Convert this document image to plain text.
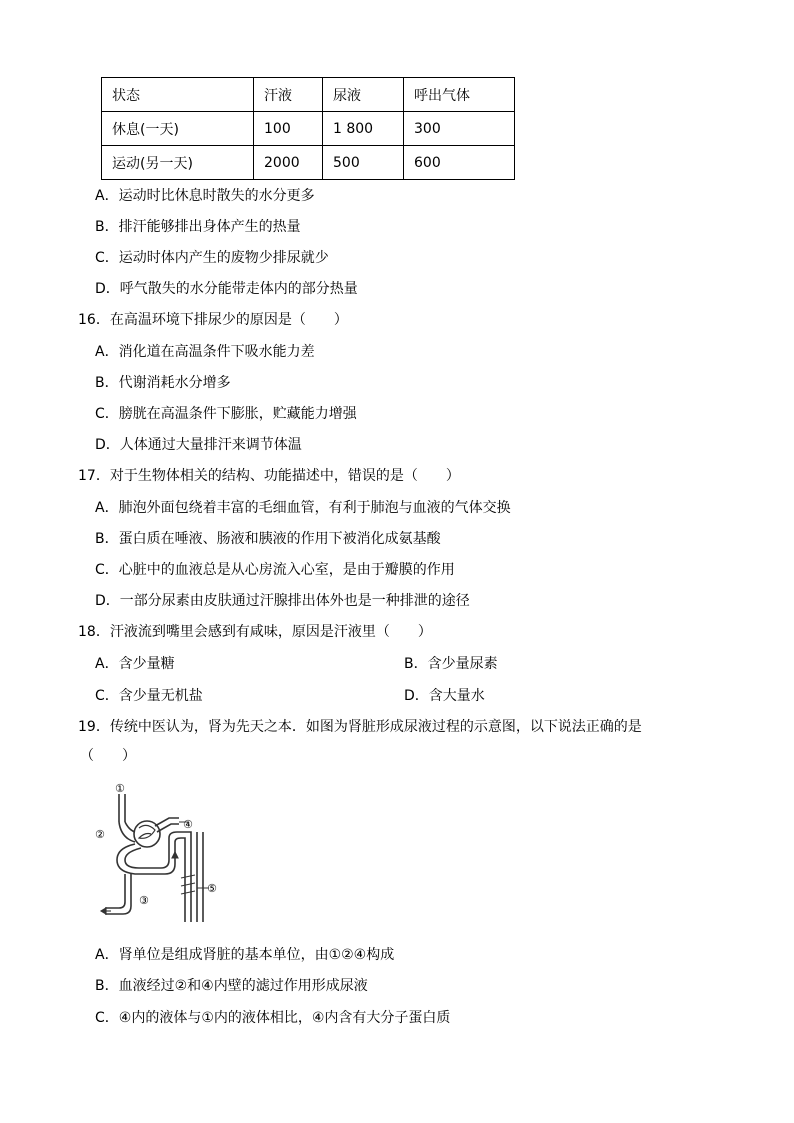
状态	汗液	尿液	呼出气体
休息(一天)	100	1 800	300
运动(另一天)	2000	500	600
A．运动时比休息时散失的水分更多
B．排汗能够排出身体产生的热量
C．运动时体内产生的废物少排尿就少
D．呼气散失的水分能带走体内的部分热量
16．在高温环境下排尿少的原因是（　　）
A．消化道在高温条件下吸水能力差
B．代谢消耗水分增多
C．膀胱在高温条件下膨胀，贮藏能力增强
D．人体通过大量排汗来调节体温
17．对于生物体相关的结构、功能描述中，错误的是（　　）
A．肺泡外面包绕着丰富的毛细血管，有利于肺泡与血液的气体交换
B．蛋白质在唾液、肠液和胰液的作用下被消化成氨基酸
C．心脏中的血液总是从心房流入心室，是由于瓣膜的作用
D．一部分尿素由皮肤通过汗腺排出体外也是一种排泄的途径
18．汗液流到嘴里会感到有咸味，原因是汗液里（　　）
A．含少量糖	B．含少量尿素
C．含少量无机盐	D．含大量水
19．传统中医认为，肾为先天之本．如图为肾脏形成尿液过程的示意图，以下说法正确的是
（　　）
①
②
③
④
⑤
A．肾单位是组成肾脏的基本单位，由①②④构成
B．血液经过②和④内壁的滤过作用形成尿液
C．④内的液体与①内的液体相比，④内含有大分子蛋白质
